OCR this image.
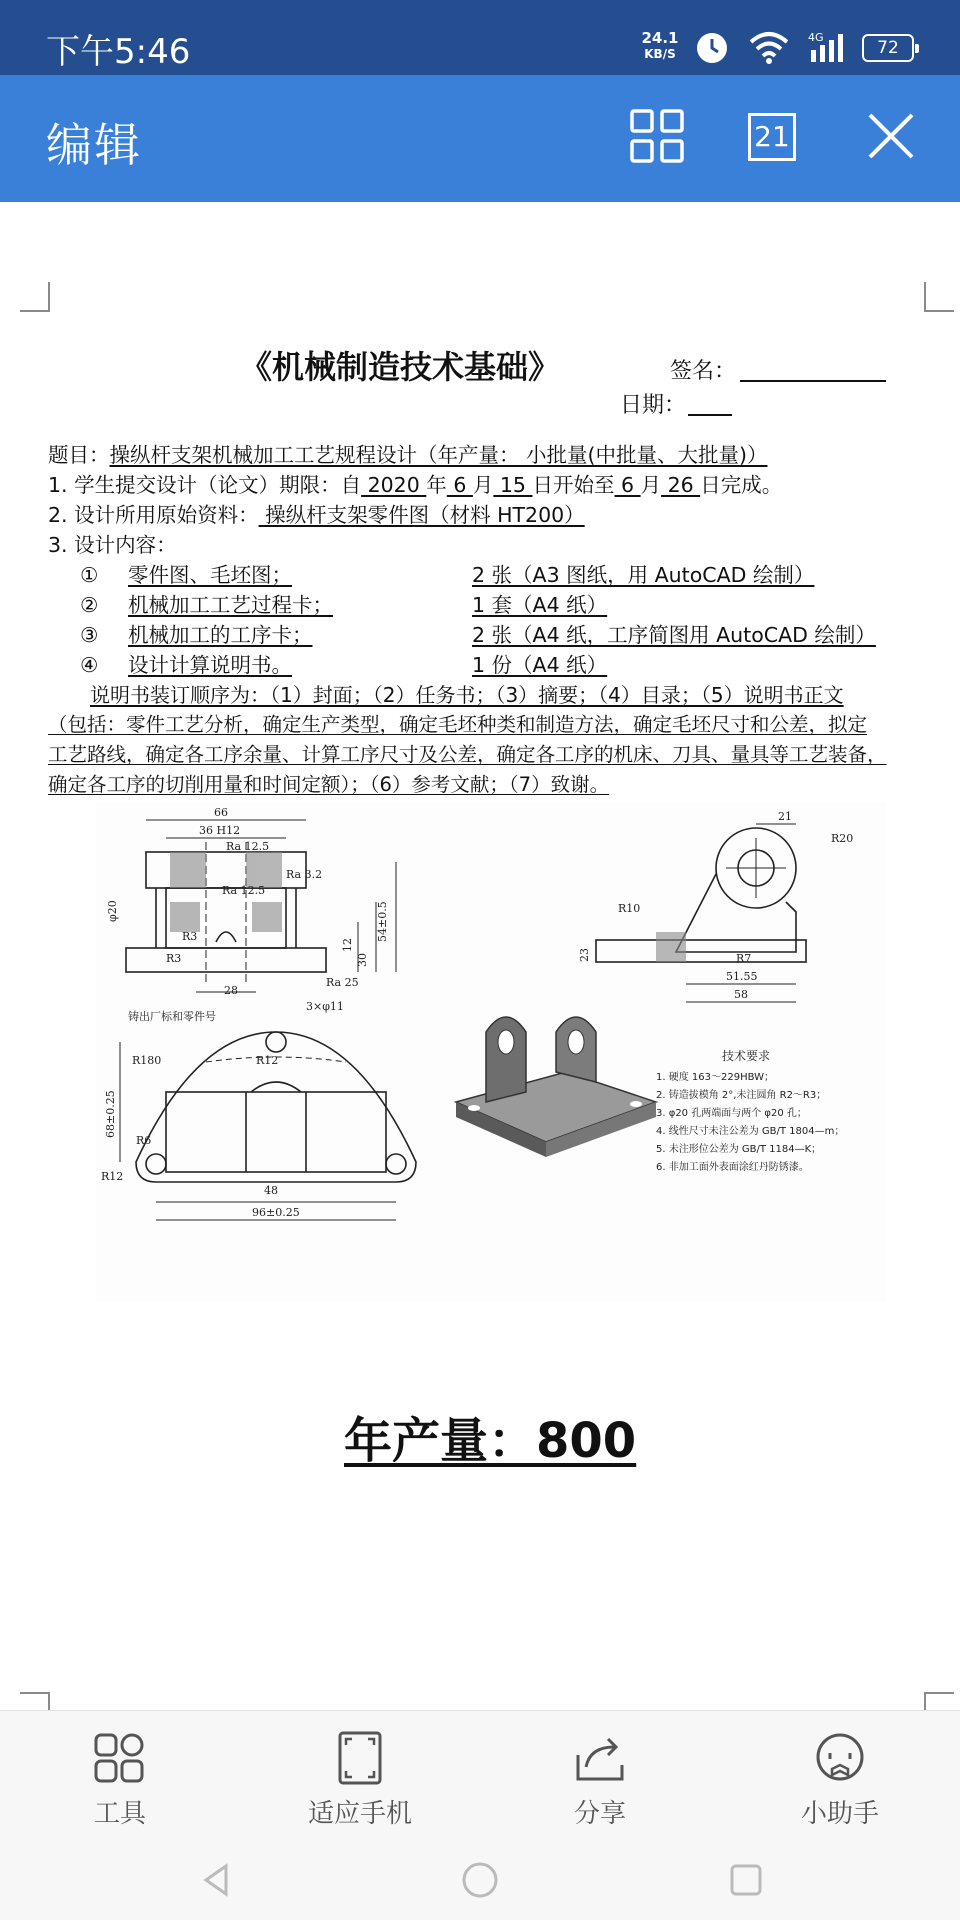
下午5:46	24.1
KB/S
4G
72
编辑	21
《机械制造技术基础》	签名：
日期：
题目：操纵杆支架机械加工工艺规程设计（年产量： 小批量(中批量、大批量)）
1. 学生提交设计（论文）期限：自 2020 年 6 月 15 日开始至 6 月 26 日完成。
2. 设计所用原始资料： 操纵杆支架零件图（材料 HT200）
3. 设计内容：
① 零件图、毛坯图；	2 张（A3 图纸，用 AutoCAD 绘制）
② 机械加工工艺过程卡；	1 套（A4 纸）
③ 机械加工的工序卡；	2 张（A4 纸，工序简图用 AutoCAD 绘制）
④ 设计计算说明书。	1 份（A4 纸）
说明书装订顺序为：（1）封面；（2）任务书；（3）摘要；（4）目录；（5）说明书正文
（包括：零件工艺分析，确定生产类型，确定毛坯种类和制造方法，确定毛坯尺寸和公差，拟定
工艺路线，确定各工序余量、计算工序尺寸及公差，确定各工序的机床、刀具、量具等工艺装备，
确定各工序的切削用量和时间定额）；（6）参考文献；（7）致谢。
66
36 H12
Ra 12.5
Ra 3.2
Ra 12.5
φ20
R3
R3
28
12
30
54±0.5
Ra 25
21
R20
R10
R7
23
51.55
58
铸出厂标和零件号
3×φ11
R180	R12
R6
R12
68±0.25
48
96±0.25
技术要求
1. 硬度 163～229HBW；
2. 铸造拔模角 2°,未注圆角 R2～R3；
3. φ20 孔两端面与两个 φ20 孔；
4. 线性尺寸未注公差为 GB/T 1804—m；
5. 未注形位公差为 GB/T 1184—K；
6. 非加工面外表面涂红丹防锈漆。
年产量：800
工具	适应手机	分享	小助手
